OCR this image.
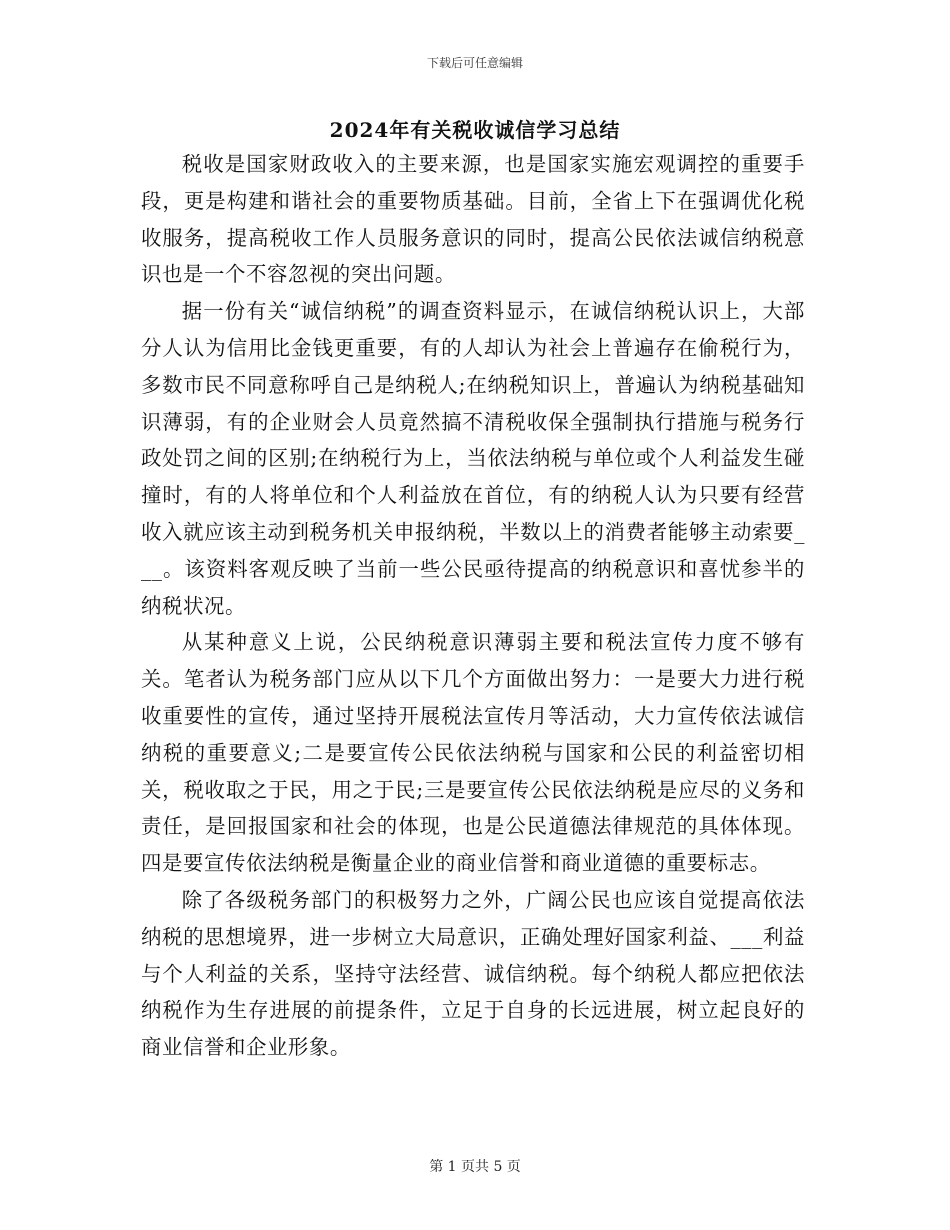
下载后可任意编辑
2024年有关税收诚信学习总结

税收是国家财政收入的主要来源，也是国家实施宏观调控的重要手段，更是构建和谐社会的重要物质基础。目前，全省上下在强调优化税收服务，提高税收工作人员服务意识的同时，提高公民依法诚信纳税意识也是一个不容忽视的突出问题。

据一份有关“诚信纳税”的调查资料显示，在诚信纳税认识上，大部分人认为信用比金钱更重要，有的人却认为社会上普遍存在偷税行为，多数市民不同意称呼自己是纳税人;在纳税知识上，普遍认为纳税基础知识薄弱，有的企业财会人员竟然搞不清税收保全强制执行措施与税务行政处罚之间的区别;在纳税行为上，当依法纳税与单位或个人利益发生碰撞时，有的人将单位和个人利益放在首位，有的纳税人认为只要有经营收入就应该主动到税务机关申报纳税，半数以上的消费者能够主动索要___。该资料客观反映了当前一些公民亟待提高的纳税意识和喜忧参半的纳税状况。

从某种意义上说，公民纳税意识薄弱主要和税法宣传力度不够有关。笔者认为税务部门应从以下几个方面做出努力：一是要大力进行税收重要性的宣传，通过坚持开展税法宣传月等活动，大力宣传依法诚信纳税的重要意义;二是要宣传公民依法纳税与国家和公民的利益密切相关，税收取之于民，用之于民;三是要宣传公民依法纳税是应尽的义务和责任，是回报国家和社会的体现，也是公民道德法律规范的具体体现。四是要宣传依法纳税是衡量企业的商业信誉和商业道德的重要标志。

除了各级税务部门的积极努力之外，广阔公民也应该自觉提高依法纳税的思想境界，进一步树立大局意识，正确处理好国家利益、___利益与个人利益的关系，坚持守法经营、诚信纳税。每个纳税人都应把依法纳税作为生存进展的前提条件，立足于自身的长远进展，树立起良好的商业信誉和企业形象。

第 1 页共 5 页
